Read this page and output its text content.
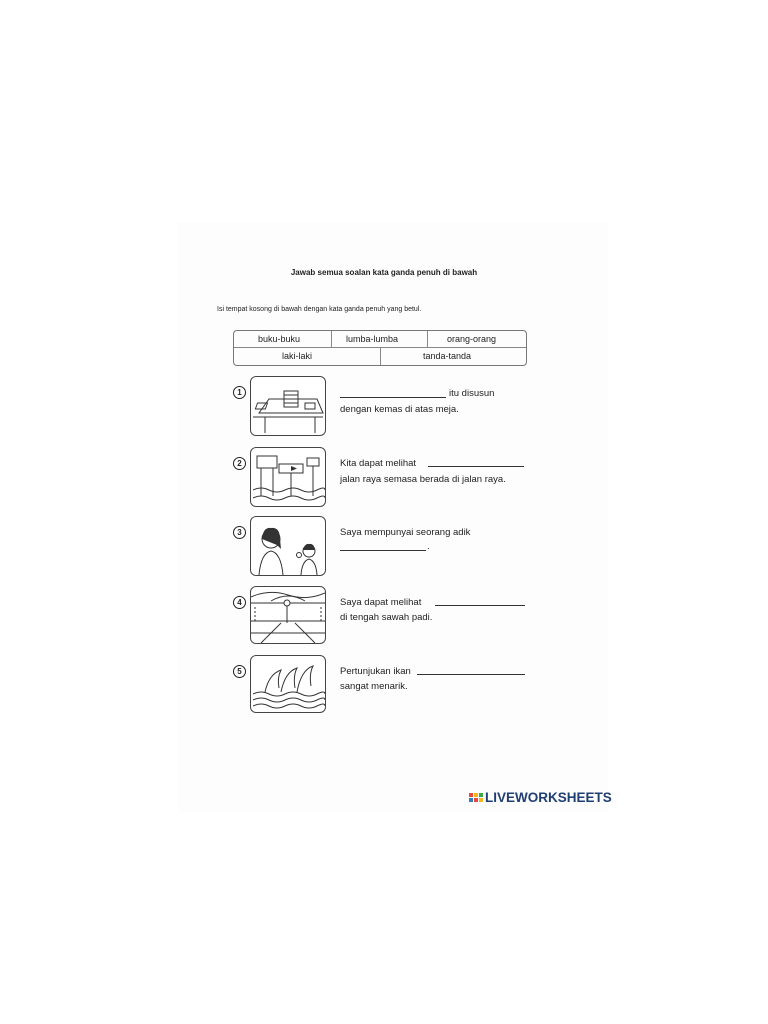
Jawab semua soalan kata ganda penuh di bawah
Isi tempat kosong di bawah dengan kata ganda penuh yang betul.
buku-buku	lumba-lumba	orang-orang
laki-laki	tanda-tanda
1	itu disusun
dengan kemas di atas meja.
2	Kita dapat melihat
jalan raya semasa berada di jalan raya.
3	Saya mempunyai seorang adik
.
4	Saya dapat melihat
di tengah sawah padi.
5	Pertunjukan ikan
sangat menarik.
LIVEWORKSHEETS
